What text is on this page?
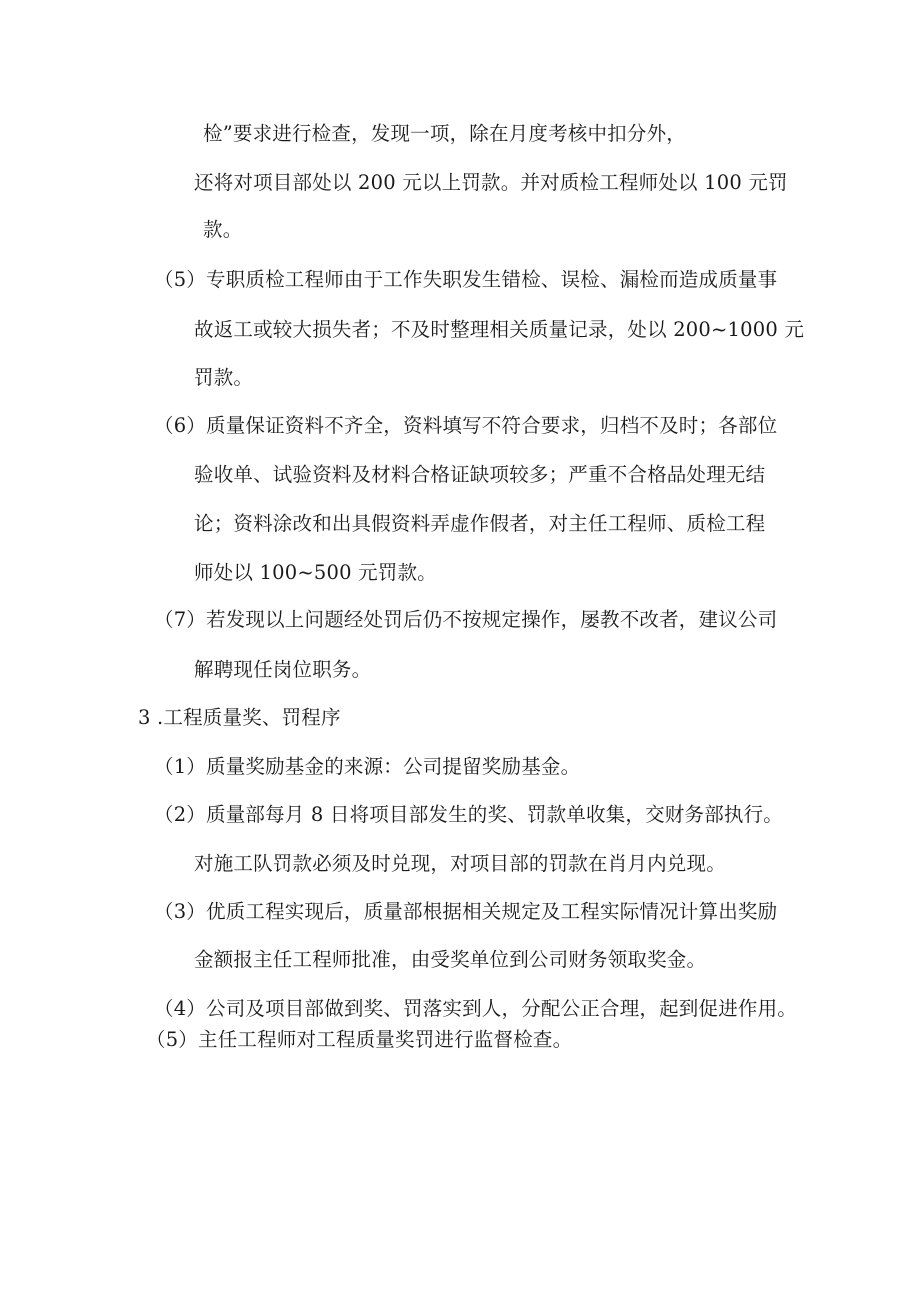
检”要求进行检查，发现一项，除在月度考核中扣分外，
还将对项目部处以 200 元以上罚款。并对质检工程师处以 100 元罚
款。
（5）专职质检工程师由于工作失职发生错检、误检、漏检而造成质量事
故返工或较大损失者；不及时整理相关质量记录，处以 200~1000 元
罚款。
（6）质量保证资料不齐全，资料填写不符合要求，归档不及时；各部位
验收单、试验资料及材料合格证缺项较多；严重不合格品处理无结
论；资料涂改和出具假资料弄虚作假者，对主任工程师、质检工程
师处以 100~500 元罚款。
（7）若发现以上问题经处罚后仍不按规定操作，屡教不改者，建议公司
解聘现任岗位职务。
3 .工程质量奖、罚程序
（1）质量奖励基金的来源：公司提留奖励基金。
（2）质量部每月 8 日将项目部发生的奖、罚款单收集，交财务部执行。
对施工队罚款必须及时兑现，对项目部的罚款在肖月内兑现。
（3）优质工程实现后，质量部根据相关规定及工程实际情况计算出奖励
金额报主任工程师批准，由受奖单位到公司财务领取奖金。
（4）公司及项目部做到奖、罚落实到人，分配公正合理，起到促进作用。
（5）主任工程师对工程质量奖罚进行监督检查。
